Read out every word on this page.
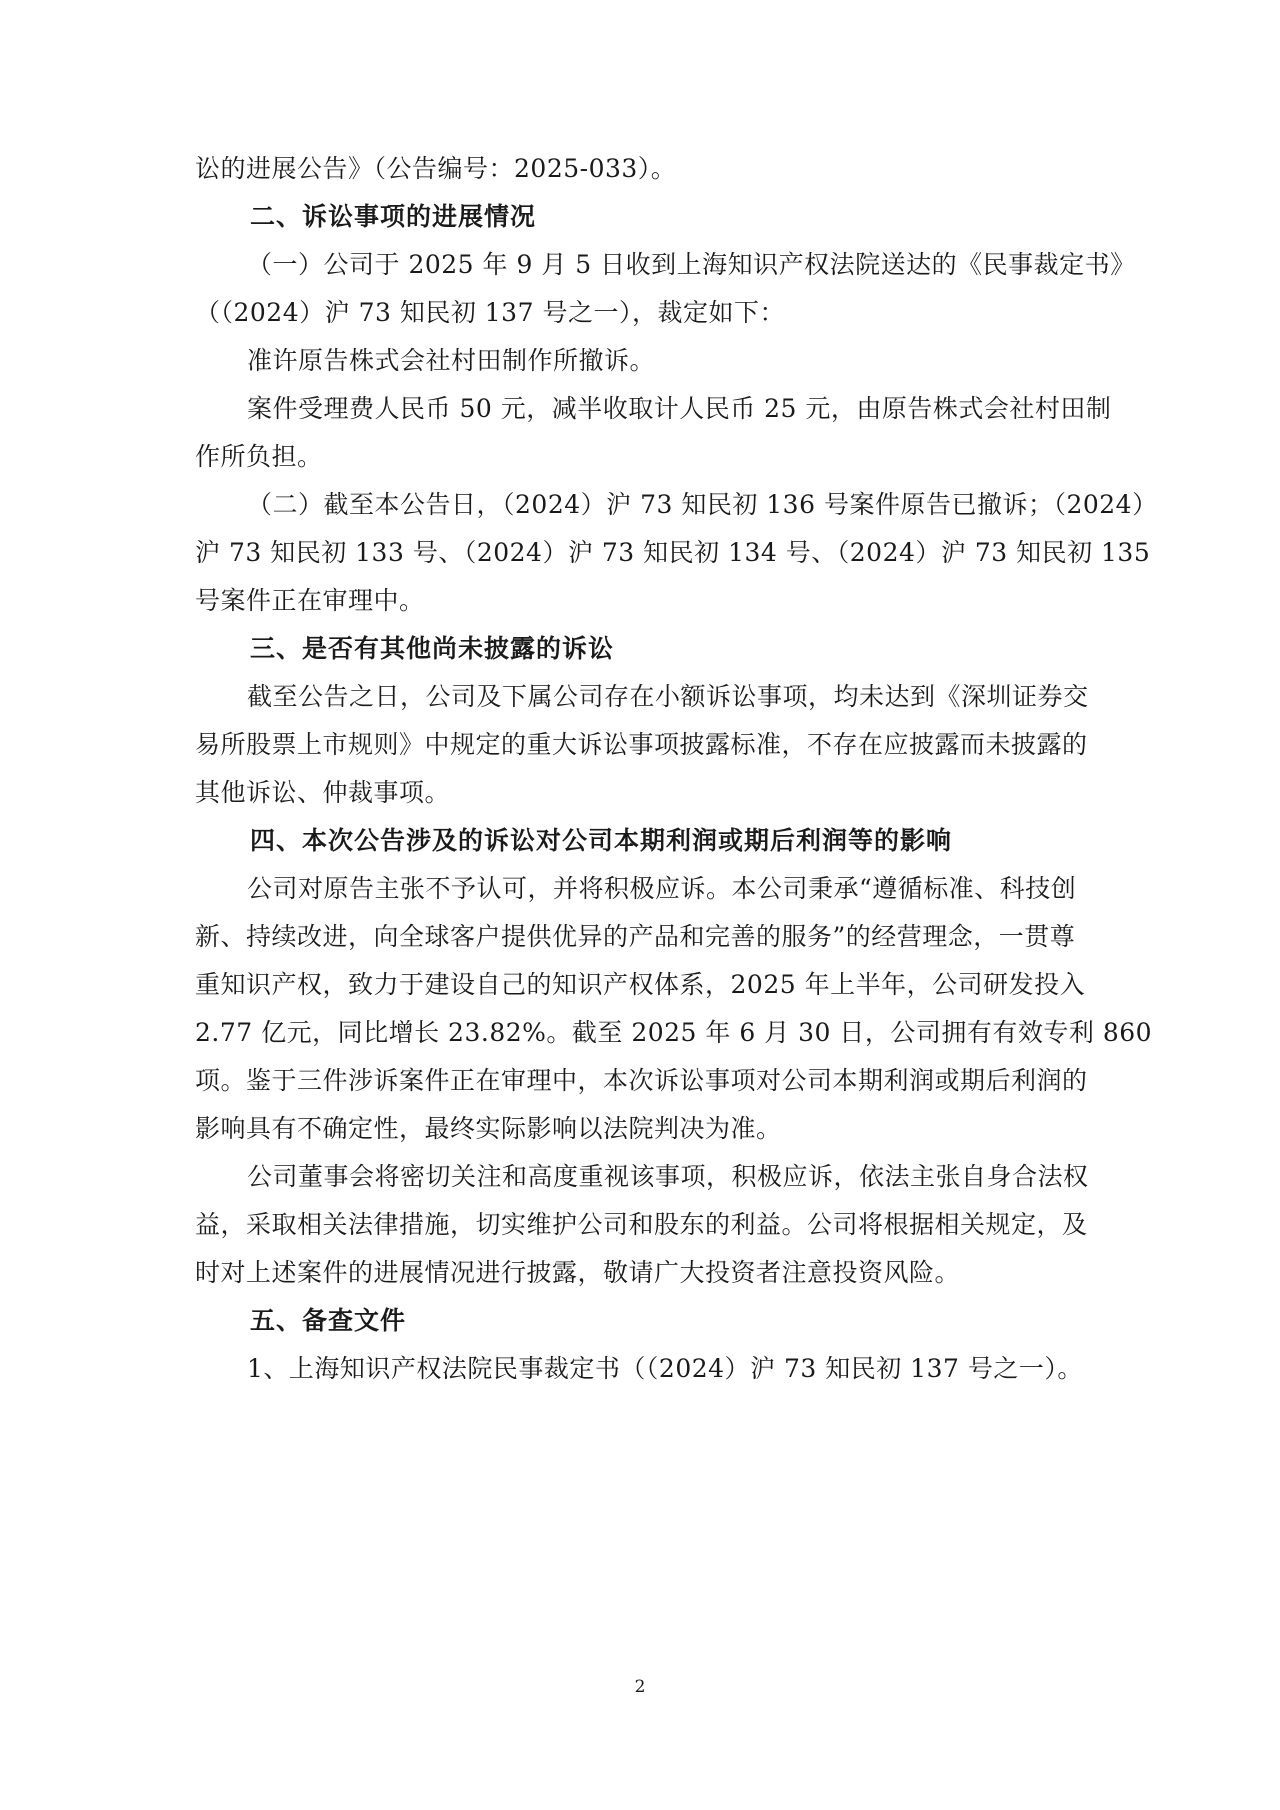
讼的进展公告》（公告编号：2025-033）。
二、诉讼事项的进展情况
（一）公司于 2025 年 9 月 5 日收到上海知识产权法院送达的《民事裁定书》
（（2024）沪 73 知民初 137 号之一），裁定如下：
准许原告株式会社村田制作所撤诉。
案件受理费人民币 50 元，减半收取计人民币 25 元，由原告株式会社村田制
作所负担。
（二）截至本公告日，（2024）沪 73 知民初 136 号案件原告已撤诉；（2024）
沪 73 知民初 133 号、（2024）沪 73 知民初 134 号、（2024）沪 73 知民初 135
号案件正在审理中。
三、是否有其他尚未披露的诉讼
截至公告之日，公司及下属公司存在小额诉讼事项，均未达到《深圳证券交
易所股票上市规则》中规定的重大诉讼事项披露标准，不存在应披露而未披露的
其他诉讼、仲裁事项。
四、本次公告涉及的诉讼对公司本期利润或期后利润等的影响
公司对原告主张不予认可，并将积极应诉。本公司秉承“遵循标准、科技创
新、持续改进，向全球客户提供优异的产品和完善的服务”的经营理念，一贯尊
重知识产权，致力于建设自己的知识产权体系，2025 年上半年，公司研发投入
2.77 亿元，同比增长 23.82%。截至 2025 年 6 月 30 日，公司拥有有效专利 860
项。鉴于三件涉诉案件正在审理中，本次诉讼事项对公司本期利润或期后利润的
影响具有不确定性，最终实际影响以法院判决为准。
公司董事会将密切关注和高度重视该事项，积极应诉，依法主张自身合法权
益，采取相关法律措施，切实维护公司和股东的利益。公司将根据相关规定，及
时对上述案件的进展情况进行披露，敬请广大投资者注意投资风险。
五、备查文件
1、上海知识产权法院民事裁定书（（2024）沪 73 知民初 137 号之一）。
2
